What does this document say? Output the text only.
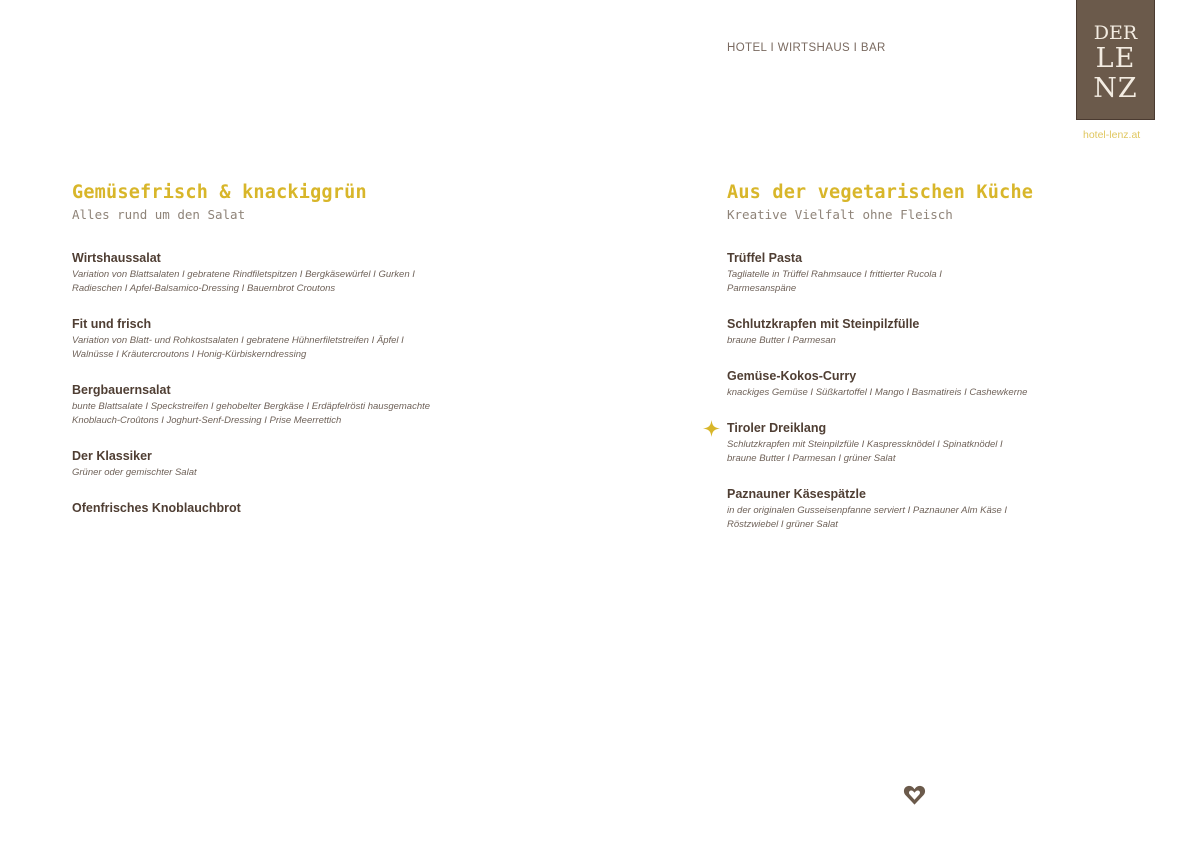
HOTEL I WIRTSHAUS I BAR
DER
LE
NZ
hotel-lenz.at
Gemüsefrisch & knackiggrün
Alles rund um den Salat
Wirtshaussalat
Variation von Blattsalaten I gebratene Rindfiletspitzen I Bergkäsewürfel I Gurken I Radieschen I Apfel-Balsamico-Dressing I Bauernbrot Croutons
Fit und frisch
Variation von Blatt- und Rohkostsalaten I gebratene Hühnerfiletstreifen I Äpfel I Walnüsse I Kräutercroutons I Honig-Kürbiskerndressing
Bergbauernsalat
bunte Blattsalate I Speckstreifen I gehobelter Bergkäse I Erdäpfelrösti hausgemachte Knoblauch-Croûtons I Joghurt-Senf-Dressing I Prise Meerrettich
Der Klassiker
Grüner oder gemischter Salat
Ofenfrisches Knoblauchbrot
Aus der vegetarischen Küche
Kreative Vielfalt ohne Fleisch
Trüffel Pasta
Tagliatelle in Trüffel Rahmsauce I frittierter Rucola I Parmesanspäne
Schlutzkrapfen mit Steinpilzfülle
braune Butter I Parmesan
Gemüse-Kokos-Curry
knackiges Gemüse I Süßkartoffel I Mango I Basmatireis I Cashewkerne
Tiroler Dreiklang
Schlutzkrapfen mit Steinpilzfüle I Kaspressknödel I Spinatknödel I braune Butter I Parmesan I grüner Salat
Paznauner Käsespätzle
in der originalen Gusseisenpfanne serviert I Paznauner Alm Käse I Röstzwiebel I grüner Salat
